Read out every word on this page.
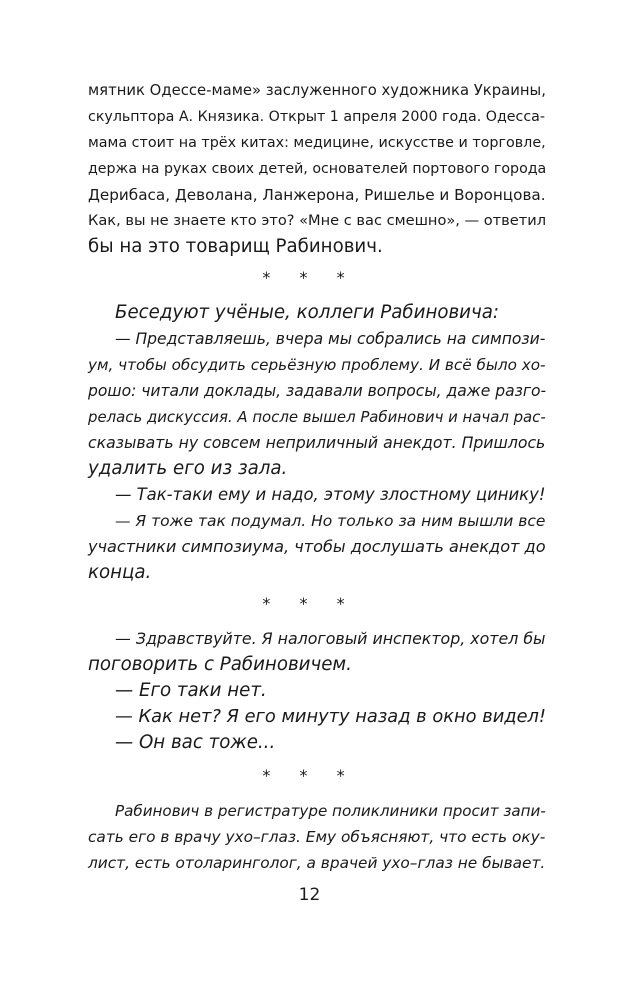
мятник Одессе-маме» заслуженного художника Украины,
скульптора А. Князика. Открыт 1 апреля 2000 года. Одесса-
мама стоит на трёх китах: медицине, искусстве и торговле,
держа на руках своих детей, основателей портового города
Дерибаса, Деволана, Ланжерона, Ришелье и Воронцова.
Как, вы не знаете кто это? «Мне с вас смешно», — ответил
бы на это товарищ Рабинович.
* * *
Беседуют учёные, коллеги Рабиновича:
— Представляешь, вчера мы собрались на симпози-
ум, чтобы обсудить серьёзную проблему. И всё было хо-
рошо: читали доклады, задавали вопросы, даже разго-
релась дискуссия. А после вышел Рабинович и начал рас-
сказывать ну совсем неприличный анекдот. Пришлось
удалить его из зала.
— Так-таки ему и надо, этому злостному цинику!
— Я тоже так подумал. Но только за ним вышли все
участники симпозиума, чтобы дослушать анекдот до
конца.
* * *
— Здравствуйте. Я налоговый инспектор, хотел бы
поговорить с Рабиновичем.
— Его таки нет.
— Как нет? Я его минуту назад в окно видел!
— Он вас тоже...
* * *
Рабинович в регистратуре поликлиники просит запи-
сать его в врачу ухо–глаз. Ему объясняют, что есть оку-
лист, есть отоларинголог, а врачей ухо–глаз не бывает.
12
